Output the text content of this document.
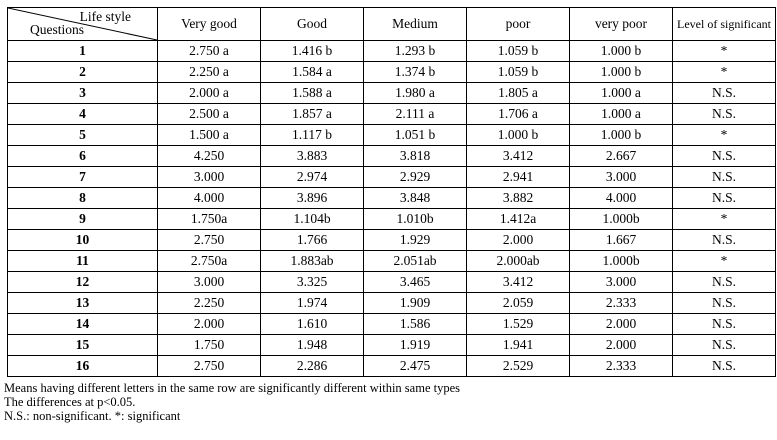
Life style
Questions	Very good	Good	Medium	poor	very poor	Level of significant
1	2.750 a	1.416 b	1.293 b	1.059 b	1.000 b	*
2	2.250 a	1.584 a	1.374 b	1.059 b	1.000 b	*
3	2.000 a	1.588 a	1.980 a	1.805 a	1.000 a	N.S.
4	2.500 a	1.857 a	2.111 a	1.706 a	1.000 a	N.S.
5	1.500 a	1.117 b	1.051 b	1.000 b	1.000 b	*
6	4.250	3.883	3.818	3.412	2.667	N.S.
7	3.000	2.974	2.929	2.941	3.000	N.S.
8	4.000	3.896	3.848	3.882	4.000	N.S.
9	1.750a	1.104b	1.010b	1.412a	1.000b	*
10	2.750	1.766	1.929	2.000	1.667	N.S.
11	2.750a	1.883ab	2.051ab	2.000ab	1.000b	*
12	3.000	3.325	3.465	3.412	3.000	N.S.
13	2.250	1.974	1.909	2.059	2.333	N.S.
14	2.000	1.610	1.586	1.529	2.000	N.S.
15	1.750	1.948	1.919	1.941	2.000	N.S.
16	2.750	2.286	2.475	2.529	2.333	N.S.
Means having different letters in the same row are significantly different within same types
The differences at p<0.05.
N.S.: non-significant. *: significant
